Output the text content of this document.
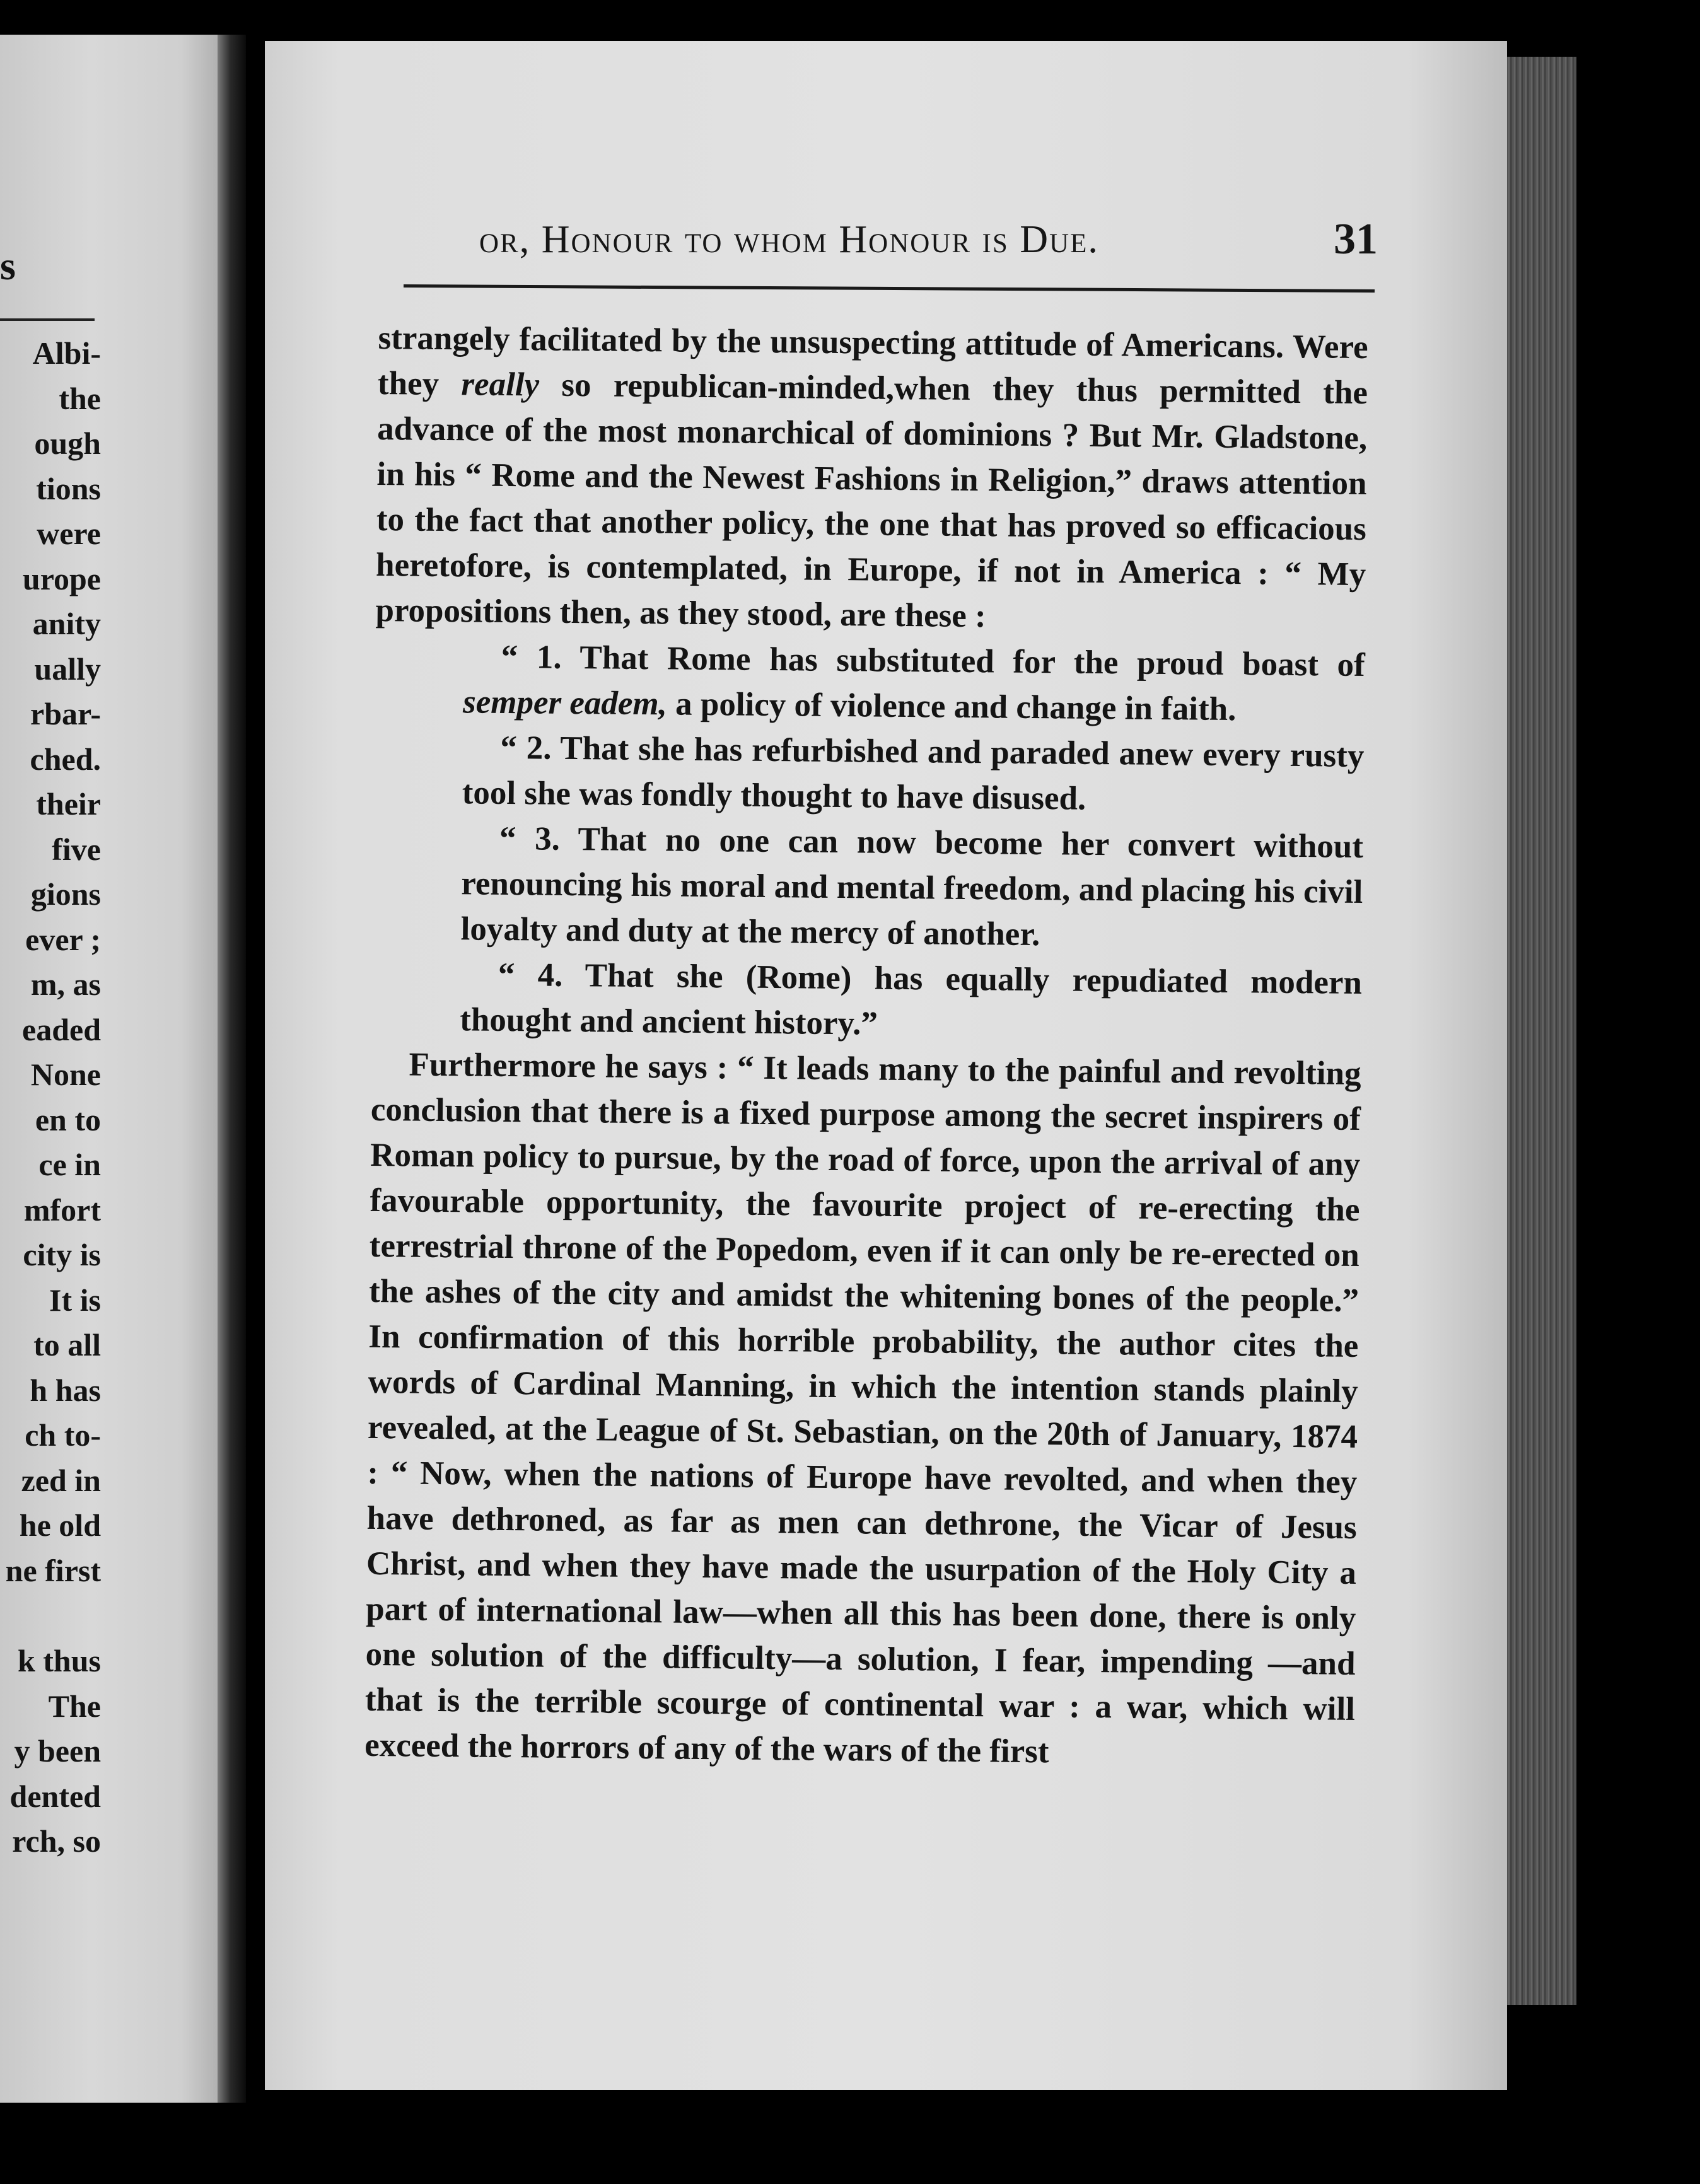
s
Albi-
the
ough
tions
were
urope
anity
ually
rbar-
ched.
their
five
gions
ever ;
m, as
eaded
None
en to
ce in
mfort
city is
It is
to all
h has
ch to-
zed in
he old
ne first
k thus
The
y been
dented
rch, so
or, Honour to whom Honour is Due.	31

strangely facilitated by the unsuspecting attitude of Americans. Were they really so republican-minded,when they thus permitted the advance of the most monarchical of dominions ? But Mr. Gladstone, in his “ Rome and the Newest Fashions in Religion,” draws attention to the fact that another policy, the one that has proved so efficacious heretofore, is contemplated, in Europe, if not in America : “ My propositions then, as they stood, are these :

“ 1. That Rome has substituted for the proud boast of semper eadem, a policy of violence and change in faith.

“ 2. That she has refurbished and paraded anew every rusty tool she was fondly thought to have disused.

“ 3. That no one can now become her convert without renouncing his moral and mental freedom, and placing his civil loyalty and duty at the mercy of another.

“ 4. That she (Rome) has equally repudiated modern thought and ancient history.”

Furthermore he says : “ It leads many to the painful and revolting conclusion that there is a fixed purpose among the secret inspirers of Roman policy to pursue, by the road of force, upon the arrival of any favourable opportunity, the favourite project of re-erecting the terrestrial throne of the Popedom, even if it can only be re-erected on the ashes of the city and amidst the whitening bones of the people.” In confirmation of this horrible probability, the author cites the words of Cardinal Manning, in which the intention stands plainly revealed, at the League of St. Sebastian, on the 20th of January, 1874 : “ Now, when the nations of Europe have revolted, and when they have dethroned, as far as men can dethrone, the Vicar of Jesus Christ, and when they have made the usurpation of the Holy City a part of international law—when all this has been done, there is only one solution of the difficulty—a solution, I fear, impending —and that is the terrible scourge of continental war : a war, which will exceed the horrors of any of the wars of the first
